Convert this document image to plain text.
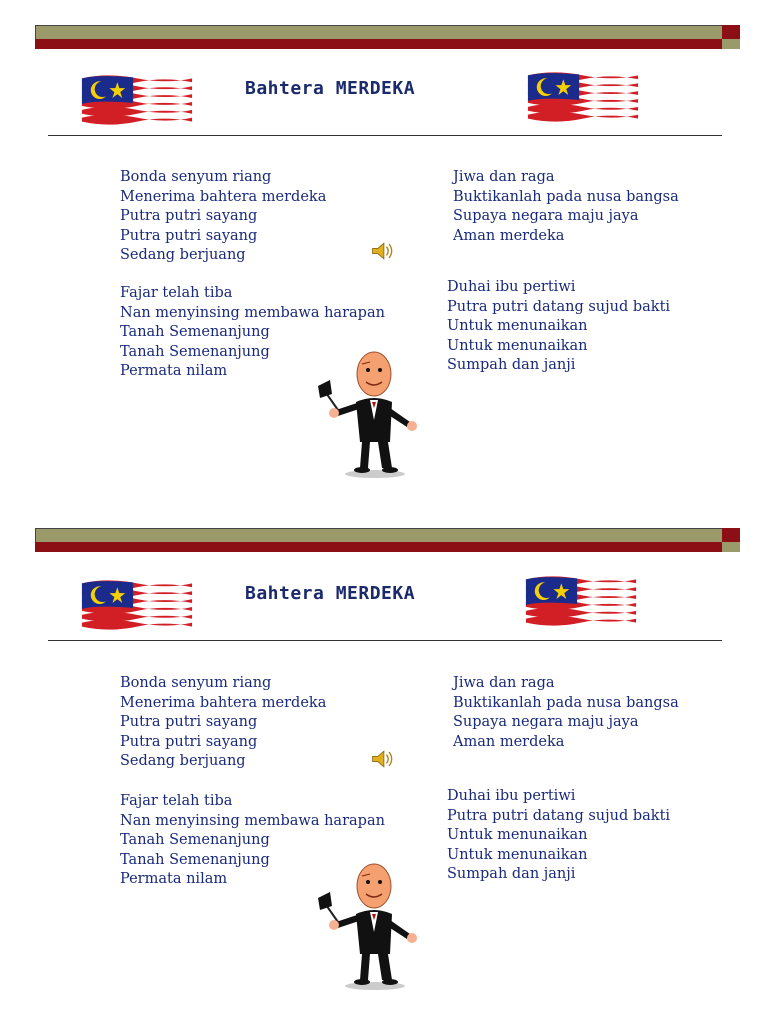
Bahtera MERDEKA
Bonda senyum riang
Menerima bahtera merdeka
Putra putri sayang
Putra putri sayang
Sedang berjuang
Fajar telah tiba
Nan menyinsing membawa harapan
Tanah Semenanjung
Tanah Semenanjung
Permata nilam
Jiwa dan raga
Buktikanlah pada nusa bangsa
Supaya negara maju jaya
Aman merdeka
Duhai ibu pertiwi
Putra putri datang sujud bakti
Untuk menunaikan
Untuk menunaikan
Sumpah dan janji
Bahtera MERDEKA
Bonda senyum riang
Menerima bahtera merdeka
Putra putri sayang
Putra putri sayang
Sedang berjuang
Fajar telah tiba
Nan menyinsing membawa harapan
Tanah Semenanjung
Tanah Semenanjung
Permata nilam
Jiwa dan raga
Buktikanlah pada nusa bangsa
Supaya negara maju jaya
Aman merdeka
Duhai ibu pertiwi
Putra putri datang sujud bakti
Untuk menunaikan
Untuk menunaikan
Sumpah dan janji
